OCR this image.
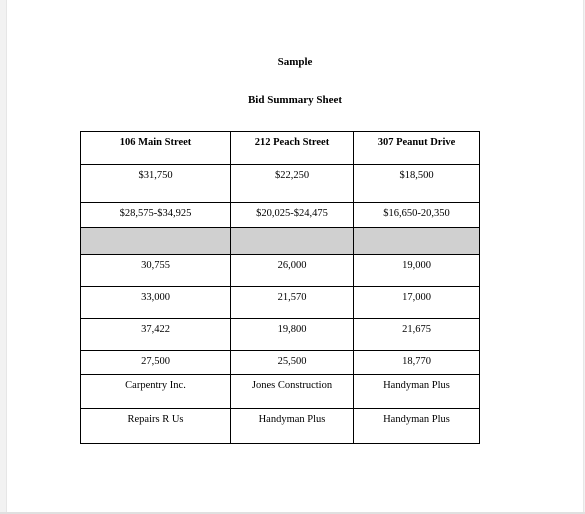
Sample
Bid Summary Sheet
106 Main Street	212 Peach Street	307 Peanut Drive
$31,750	$22,250	$18,500
$28,575-$34,925	$20,025-$24,475	$16,650-20,350

30,755	26,000	19,000
33,000	21,570	17,000
37,422	19,800	21,675
27,500	25,500	18,770
Carpentry Inc.	Jones Construction	Handyman Plus
Repairs R Us	Handyman Plus	Handyman Plus
